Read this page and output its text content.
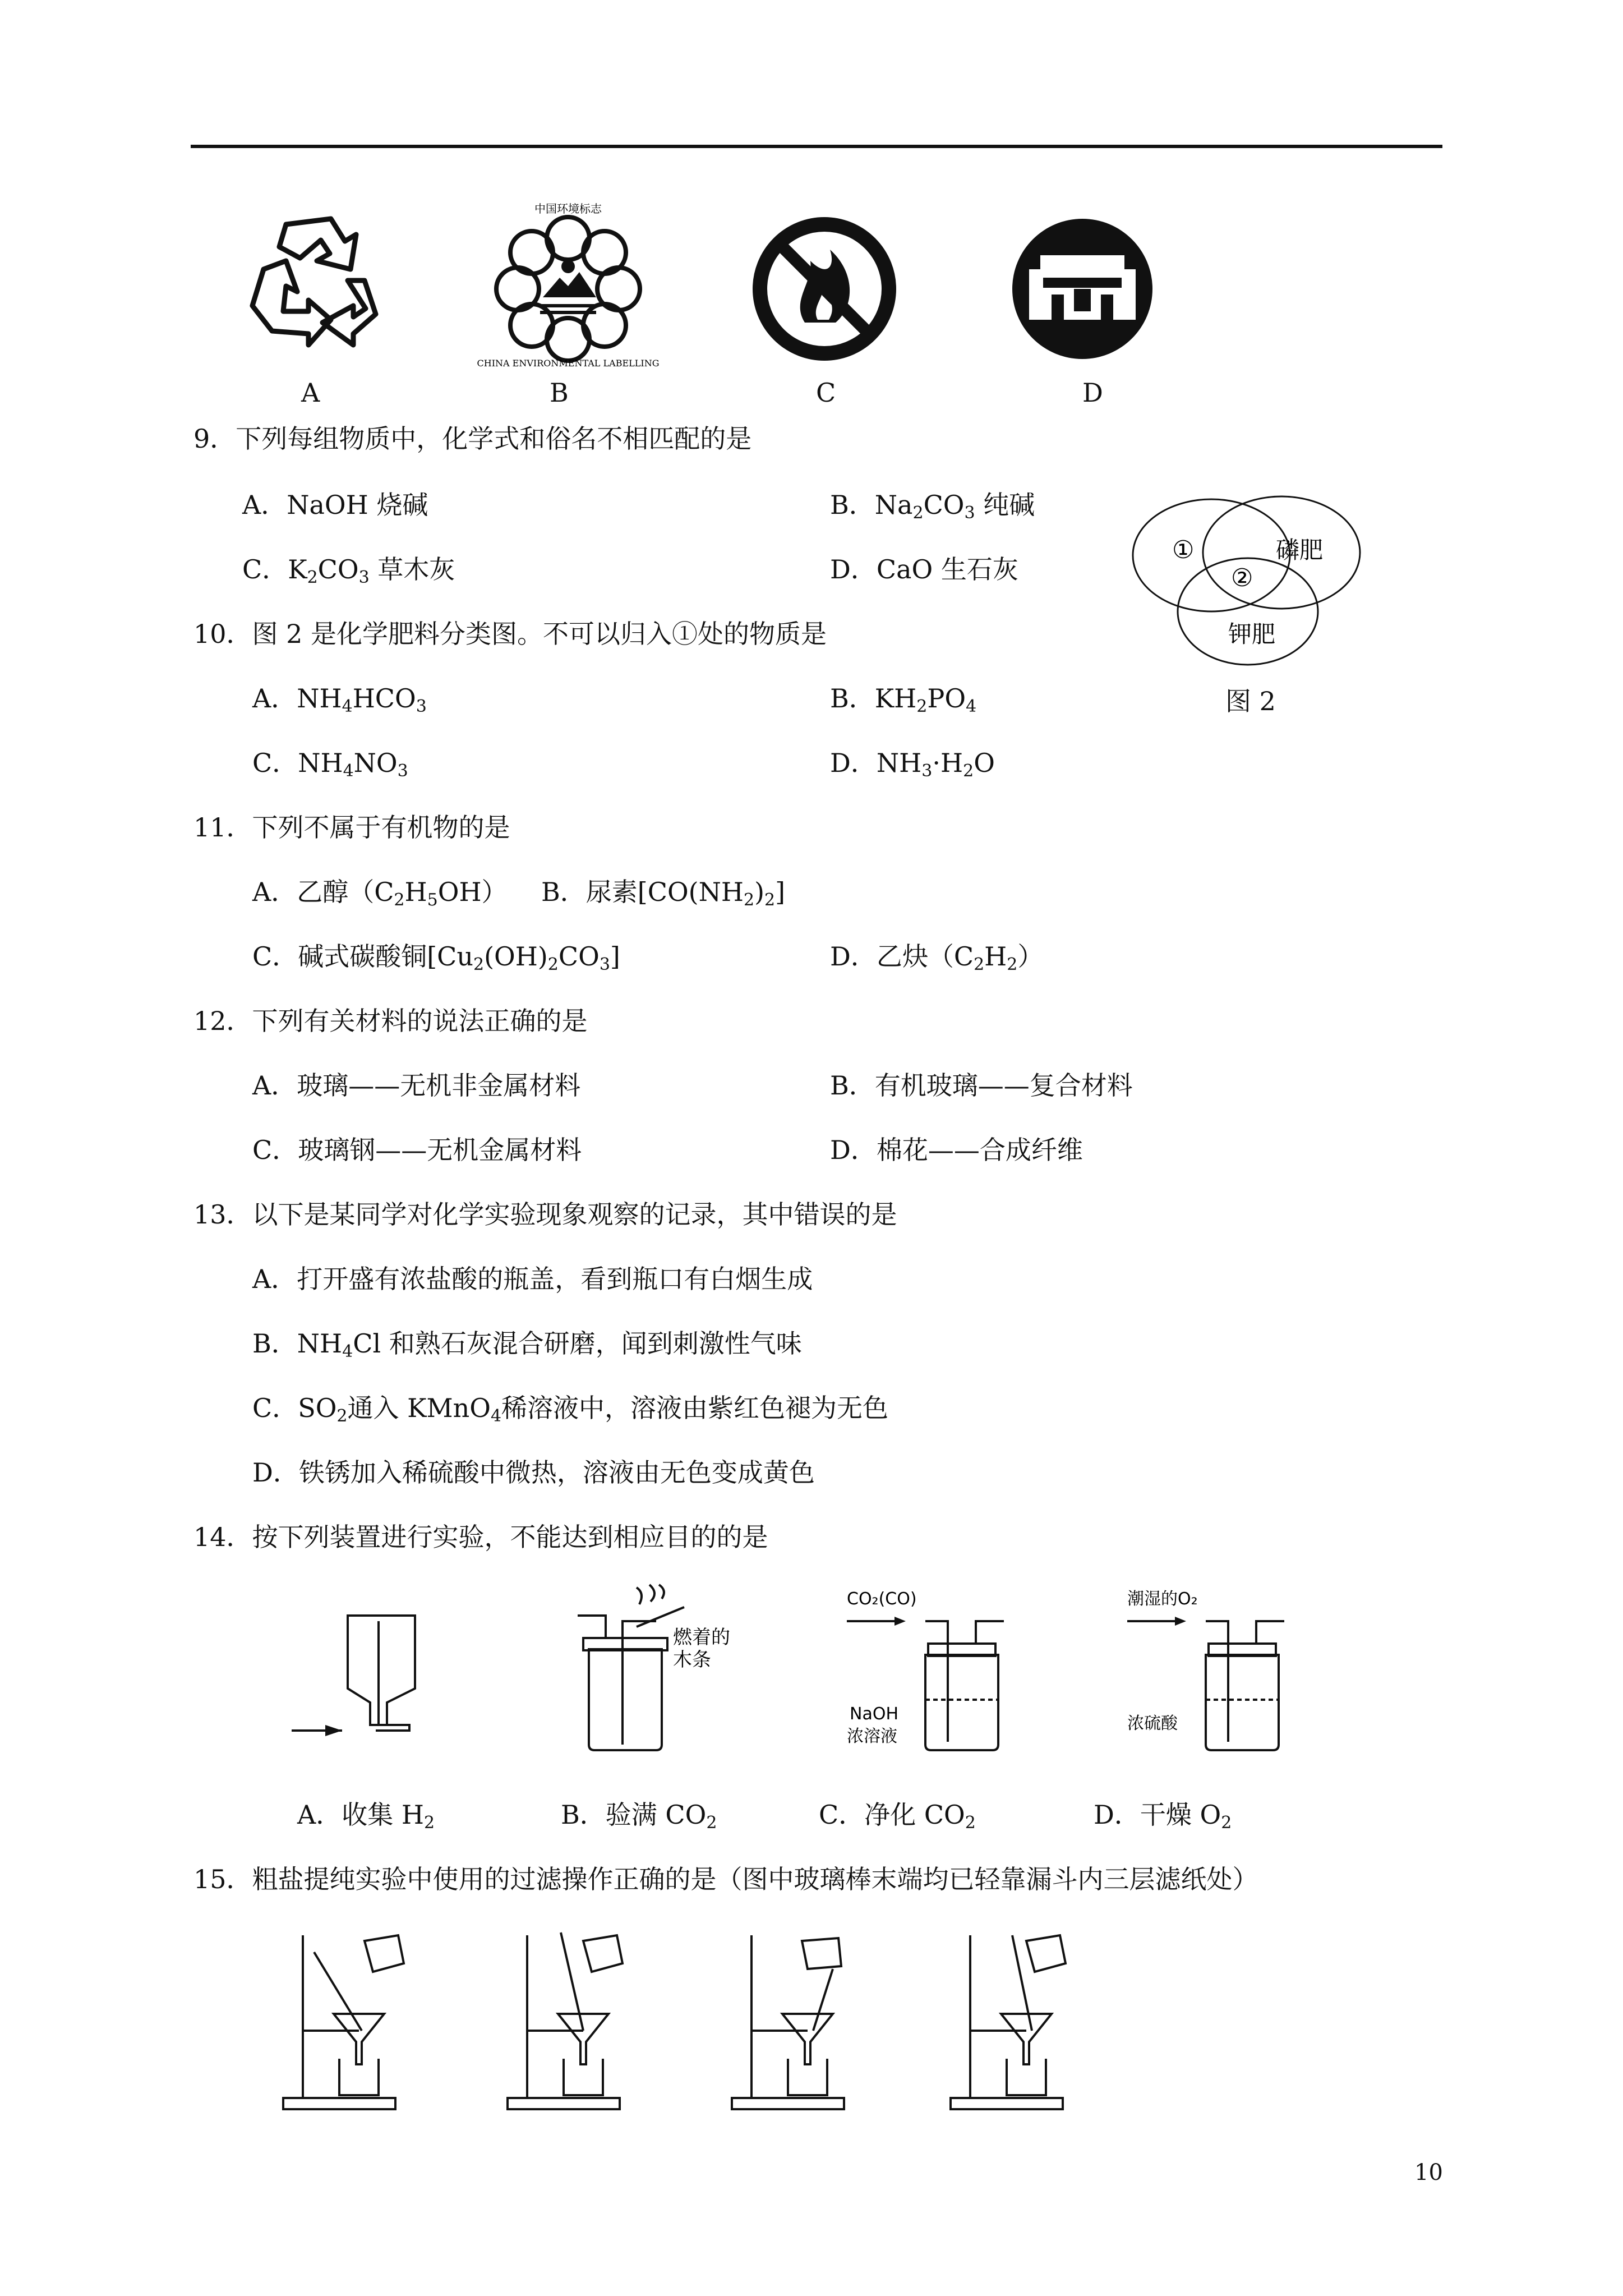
A
中国环境标志
CHINA ENVIRONMENTAL LABELLING
B	C	D
9．下列每组物质中，化学式和俗名不相匹配的是
A．NaOH 烧碱	B．$Na_2CO_3$ 纯碱
C．$K_2CO_3$ 草木灰	D．CaO 生石灰
①
②
磷肥
钾肥
图 2
10．图 2 是化学肥料分类图。不可以归入①处的物质是
A．$NH_4HCO_3$	B．$KH_2PO_4$
C．$NH_4NO_3$	D．$NH_3\cdot H_2O$
11．下列不属于有机物的是
A．乙醇$(C_2H_5OH)$ B．尿素$[CO(NH_2)_2]$
C．碱式碳酸铜$[Cu_2(OH)_2CO_3]$	D．乙炔$(C_2H_2)$
12．下列有关材料的说法正确的是
A．玻璃——无机非金属材料	B．有机玻璃——复合材料
C．玻璃钢——无机金属材料	D．棉花——合成纤维
13．以下是某同学对化学实验现象观察的记录，其中错误的是
A．打开盛有浓盐酸的瓶盖，看到瓶口有白烟生成
B．$NH_4Cl$ 和熟石灰混合研磨，闻到刺激性气味
C．$SO_2$通入 KMnO$_4$稀溶液中，溶液由紫红色褪为无色
D．铁锈加入稀硫酸中微热，溶液由无色变成黄色
14．按下列装置进行实验，不能达到相应目的的是
燃着的
木条
CO₂(CO)
NaOH
浓溶液
潮湿的O₂
浓硫酸
A．收集 $H_2$	B．验满 $CO_2$	C．净化 $CO_2$	D．干燥 $O_2$
15．粗盐提纯实验中使用的过滤操作正确的是（图中玻璃棒末端均已轻靠漏斗内三层滤纸处）
10
